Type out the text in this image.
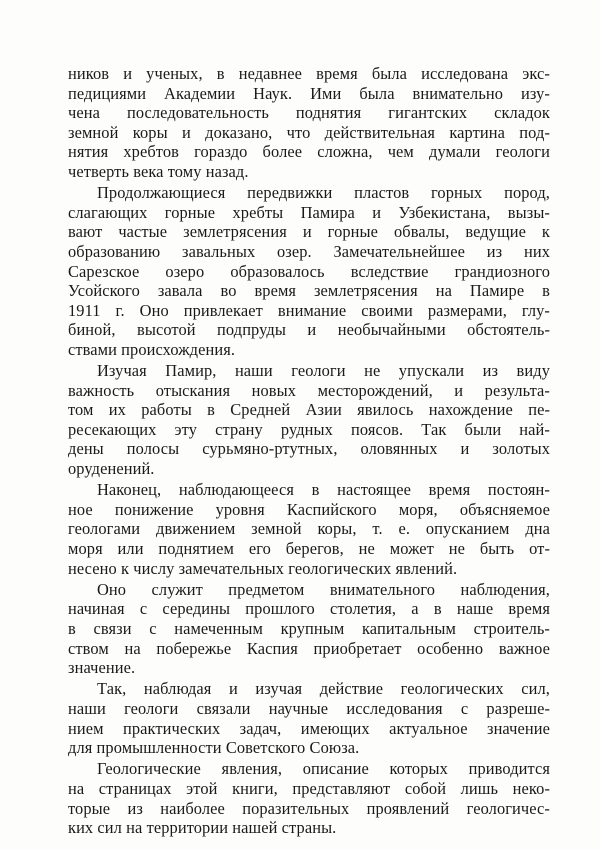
ников и ученых, в недавнее время была исследована экс-
педициями Академии Наук. Ими была внимательно изу-
чена последовательность поднятия гигантских складок
земной коры и доказано, что действительная картина под-
нятия хребтов гораздо более сложна, чем думали геологи
четверть века тому назад.
Продолжающиеся передвижки пластов горных пород,
слагающих горные хребты Памира и Узбекистана, вызы-
вают частые землетрясения и горные обвалы, ведущие к
образованию завальных озер. Замечательнейшее из них
Сарезское озеро образовалось вследствие грандиозного
Усойского завала во время землетрясения на Памире в
1911 г. Оно привлекает внимание своими размерами, глу-
биной, высотой подпруды и необычайными обстоятель-
ствами происхождения.
Изучая Памир, наши геологи не упускали из виду
важность отыскания новых месторождений, и результа-
том их работы в Средней Азии явилось нахождение пе-
ресекающих эту страну рудных поясов. Так были най-
дены полосы сурьмяно-ртутных, оловянных и золотых
оруденений.
Наконец, наблюдающееся в настоящее время постоян-
ное понижение уровня Каспийского моря, объясняемое
геологами движением земной коры, т. е. опусканием дна
моря или поднятием его берегов, не может не быть от-
несено к числу замечательных геологических явлений.
Оно служит предметом внимательного наблюдения,
начиная с середины прошлого столетия, а в наше время
в связи с намеченным крупным капитальным строитель-
ством на побережье Каспия приобретает особенно важное
значение.
Так, наблюдая и изучая действие геологических сил,
наши геологи связали научные исследования с разреше-
нием практических задач, имеющих актуальное значение
для промышленности Советского Союза.
Геологические явления, описание которых приводится
на страницах этой книги, представляют собой лишь неко-
торые из наиболее поразительных проявлений геологичес-
ких сил на территории нашей страны.
